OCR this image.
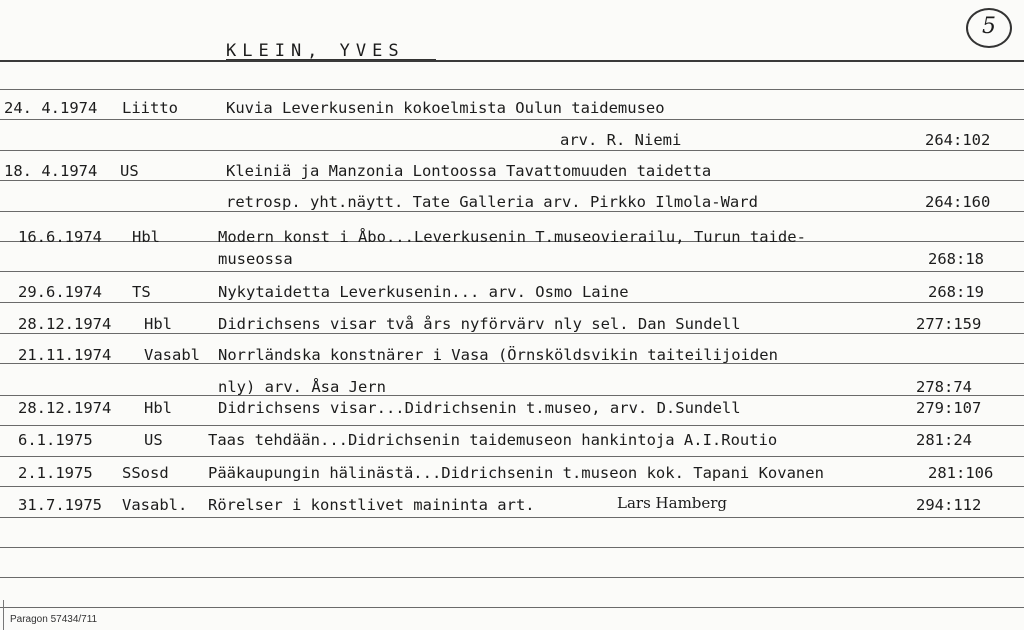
5
KLEIN, YVES
24. 4.1974 Liitto	Kuvia Leverkusenin kokoelmista Oulun taidemuseo
arv. R. Niemi	264:102
18. 4.1974 US	Kleiniä ja Manzonia Lontoossa Tavattomuuden taidetta
retrosp. yht.näytt. Tate Galleria arv. Pirkko Ilmola-Ward	264:160
16.6.1974 Hbl	Modern konst i Åbo...Leverkusenin T.museovierailu, Turun taide-
museossa	268:18
29.6.1974 TS	Nykytaidetta Leverkusenin... arv. Osmo Laine	268:19
28.12.1974 Hbl	Didrichsens visar två års nyförvärv nly sel. Dan Sundell	277:159
21.11.1974 Vasabl Norrländska konstnärer i Vasa (Örnsköldsvikin taiteilijoiden
nly) arv. Åsa Jern	278:74
28.12.1974 Hbl	Didrichsens visar...Didrichsenin t.museo, arv. D.Sundell	279:107
6.1.1975	US	Taas tehdään...Didrichsenin taidemuseon hankintoja A.I.Routio	281:24
2.1.1975 SSosd	Pääkaupungin hälinästä...Didrichsenin t.museon kok. Tapani Kovanen	281:106
31.7.1975 Vasabl. Rörelser i konstlivet maininta art.	Lars Hamberg	294:112
Paragon 57434/711
